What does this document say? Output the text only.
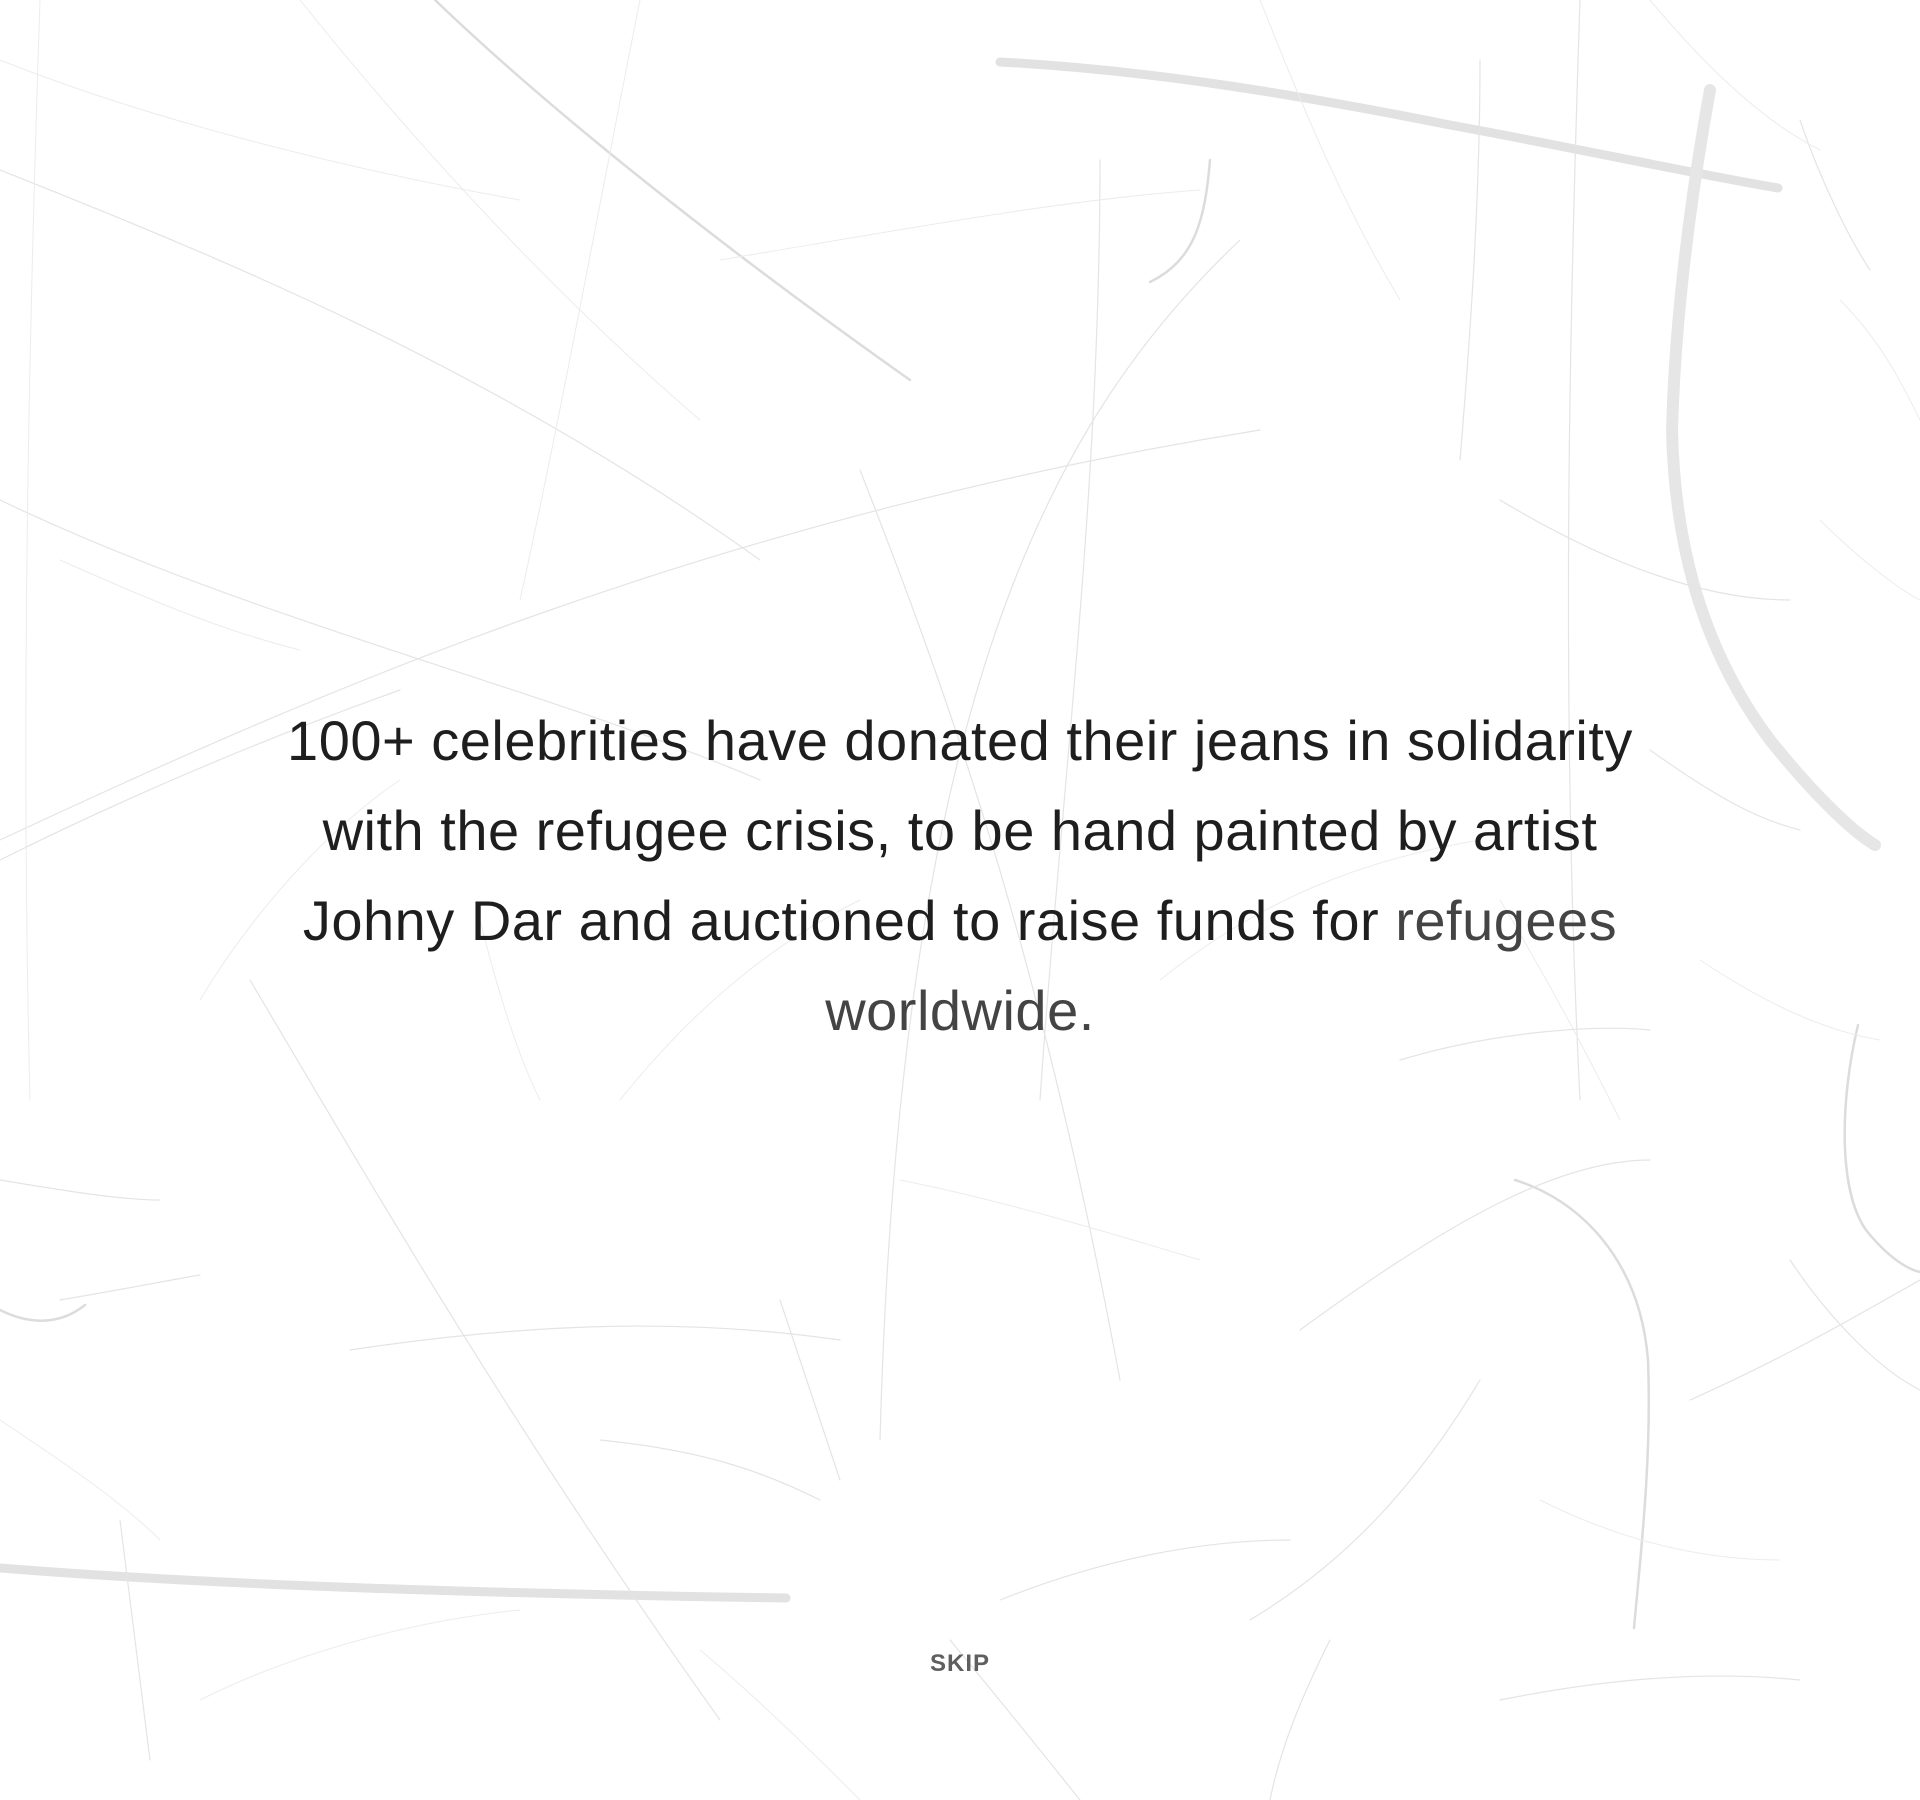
100+ celebrities have donated their jeans in solidarity with the refugee crisis, to be hand painted by artist Johny Dar and auctioned to raise funds for refugees worldwide.

SKIP
